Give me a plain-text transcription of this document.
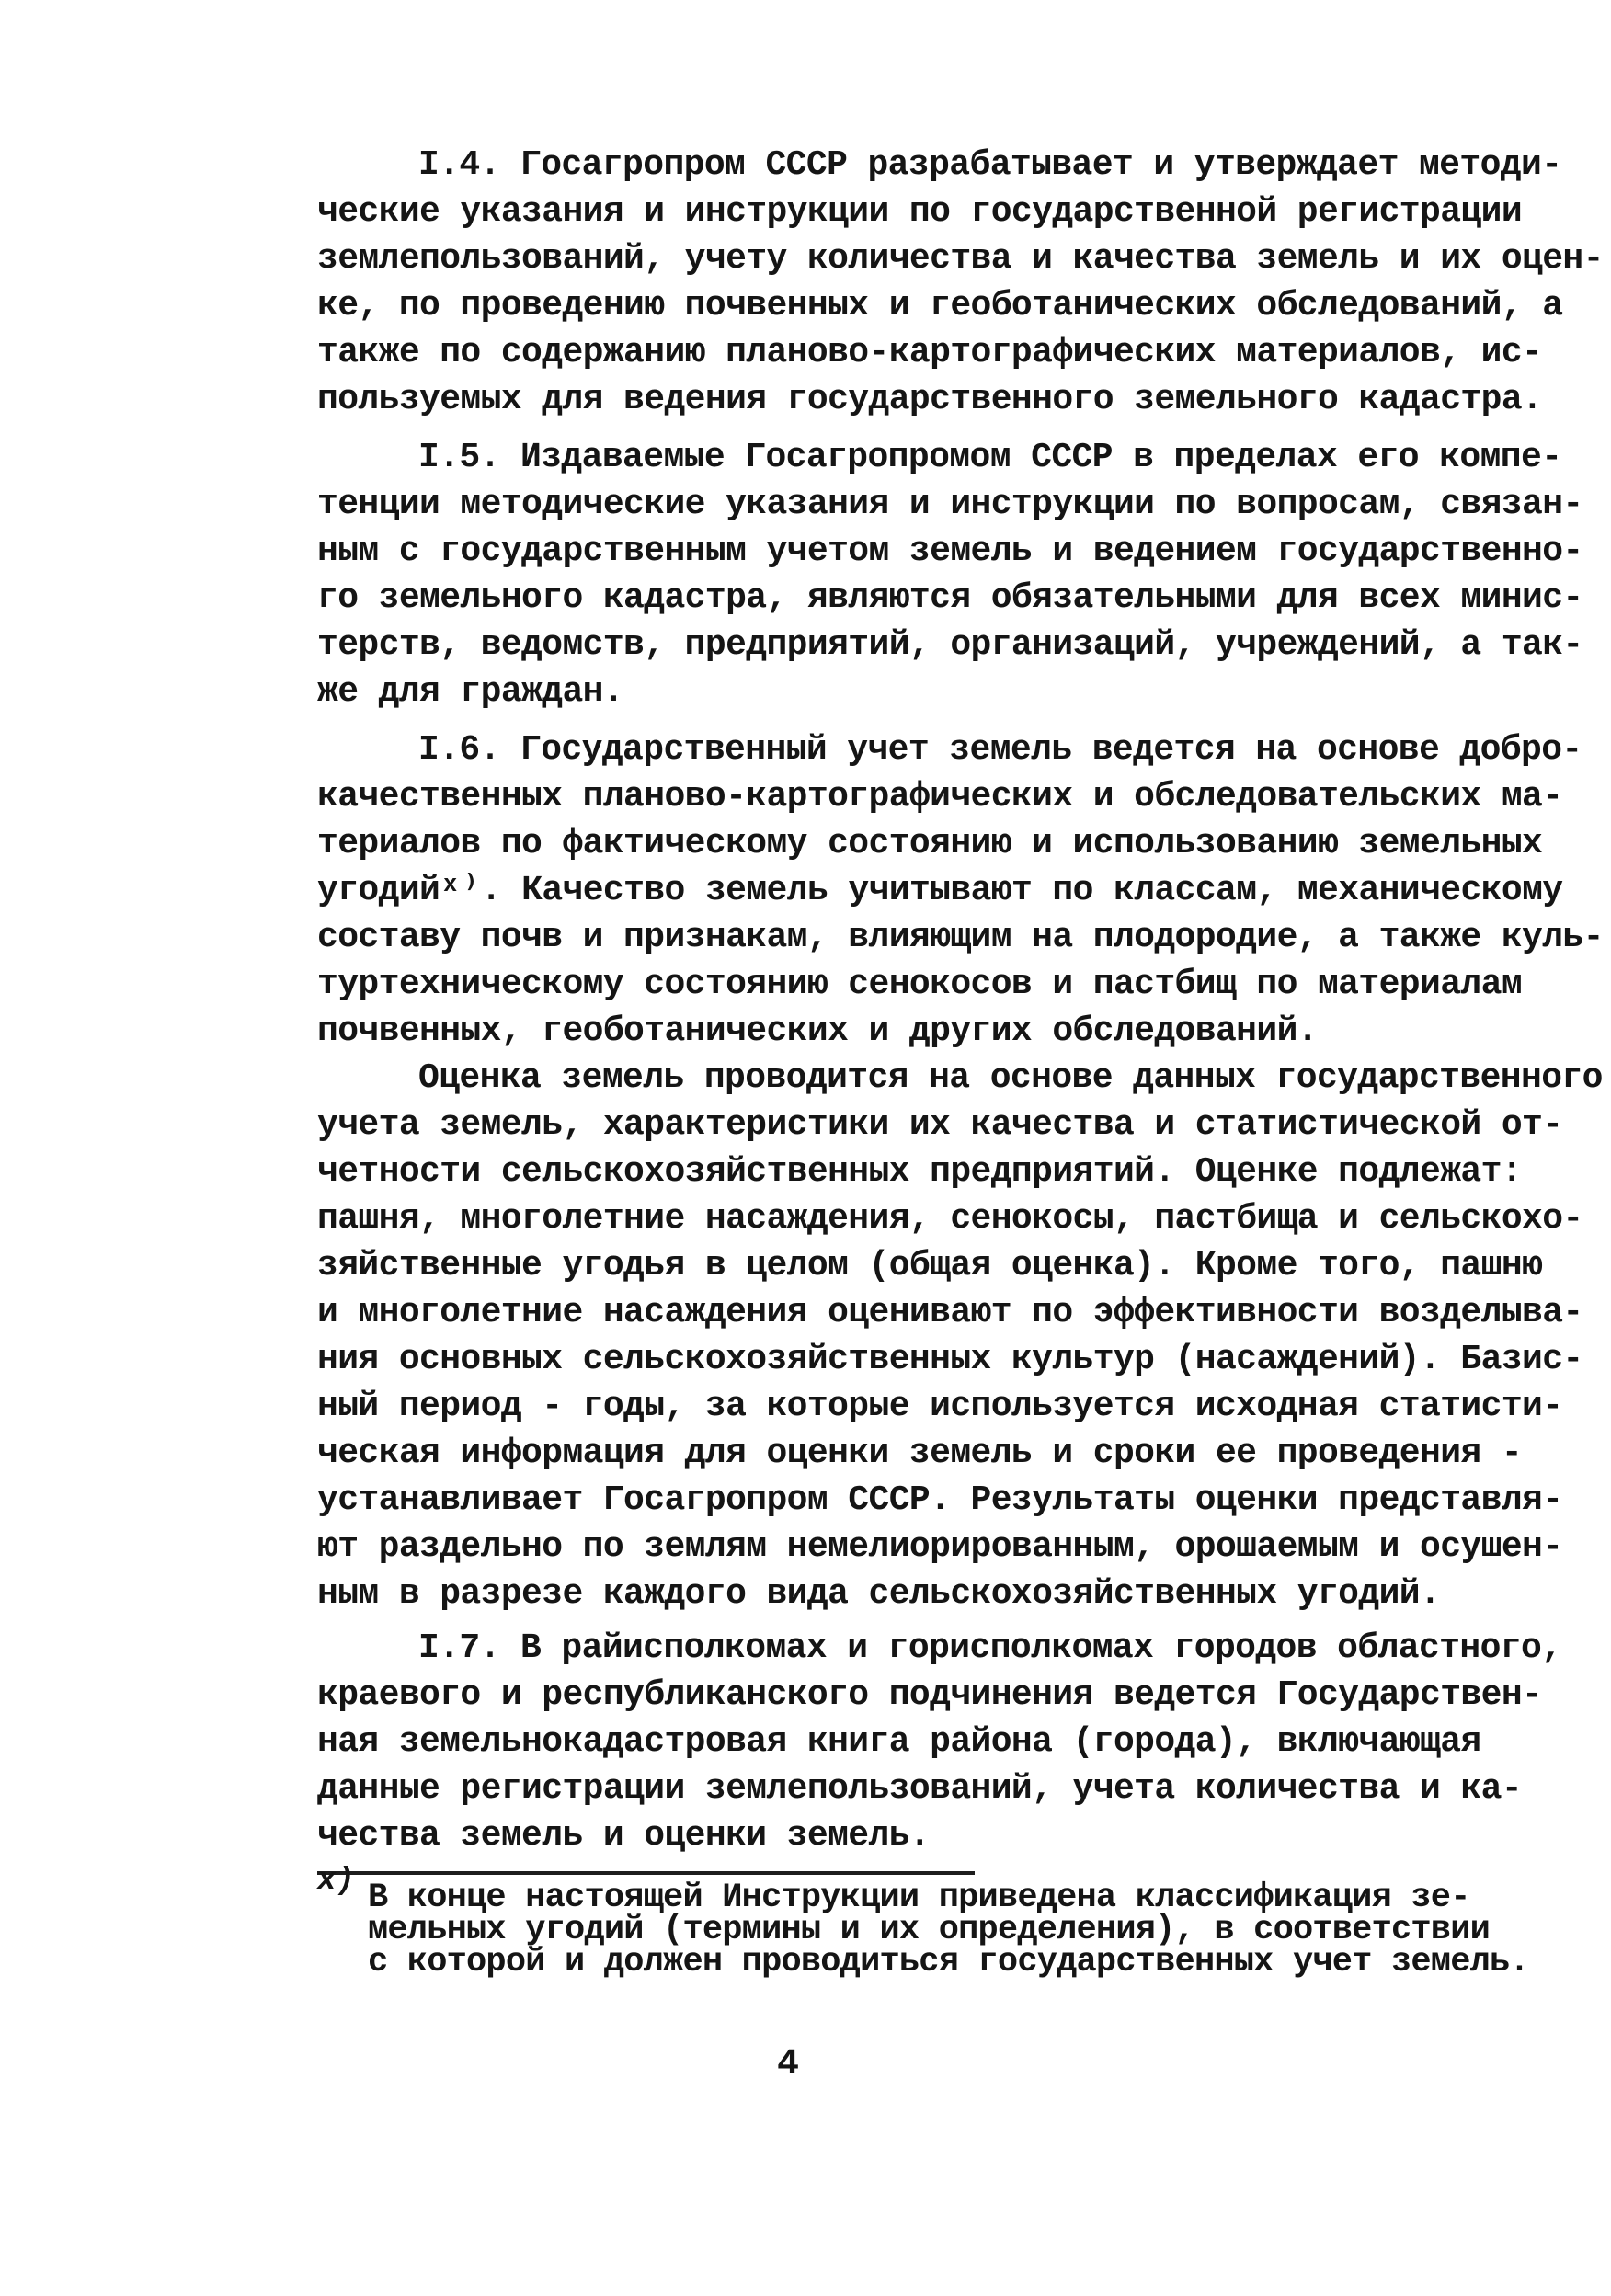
I.4. Госагропром СССР разрабатывает и утверждает методи-
ческие указания и инструкции по государственной регистрации
землепользований, учету количества и качества земель и их оцен-
ке, по проведению почвенных и геоботанических обследований, а
также по содержанию планово-картографических материалов, ис-
пользуемых для ведения государственного земельного кадастра.
I.5. Издаваемые Госагропромом СССР в пределах его компе-
тенции методические указания и инструкции по вопросам, связан-
ным с государственным учетом земель и ведением государственно-
го земельного кадастра, являются обязательными для всех минис-
терств, ведомств, предприятий, организаций, учреждений, а так-
же для граждан.
I.6. Государственный учет земель ведется на основе добро-
качественных планово-картографических и обследовательских ма-
териалов по фактическому состоянию и использованию земельных
угодийˣ⁾. Качество земель учитывают по классам, механическому
составу почв и признакам, влияющим на плодородие, а также куль-
туртехническому состоянию сенокосов и пастбищ по материалам
почвенных, геоботанических и других обследований.
Оценка земель проводится на основе данных государственного
учета земель, характеристики их качества и статистической от-
четности сельскохозяйственных предприятий. Оценке подлежат:
пашня, многолетние насаждения, сенокосы, пастбища и сельскохо-
зяйственные угодья в целом (общая оценка). Кроме того, пашню
и многолетние насаждения оценивают по эффективности возделыва-
ния основных сельскохозяйственных культур (насаждений). Базис-
ный период - годы, за которые используется исходная статисти-
ческая информация для оценки земель и сроки ее проведения -
устанавливает Госагропром СССР. Результаты оценки представля-
ют раздельно по землям немелиорированным, орошаемым и осушен-
ным в разрезе каждого вида сельскохозяйственных угодий.
I.7. В райисполкомах и горисполкомах городов областного,
краевого и республиканского подчинения ведется Государствен-
ная земельнокадастровая книга района (города), включающая
данные регистрации землепользований, учета количества и ка-
чества земель и оценки земель.
х) В конце настоящей Инструкции приведена классификация зе-
мельных угодий (термины и их определения), в соответствии
с которой и должен проводиться государственных учет земель.
4
